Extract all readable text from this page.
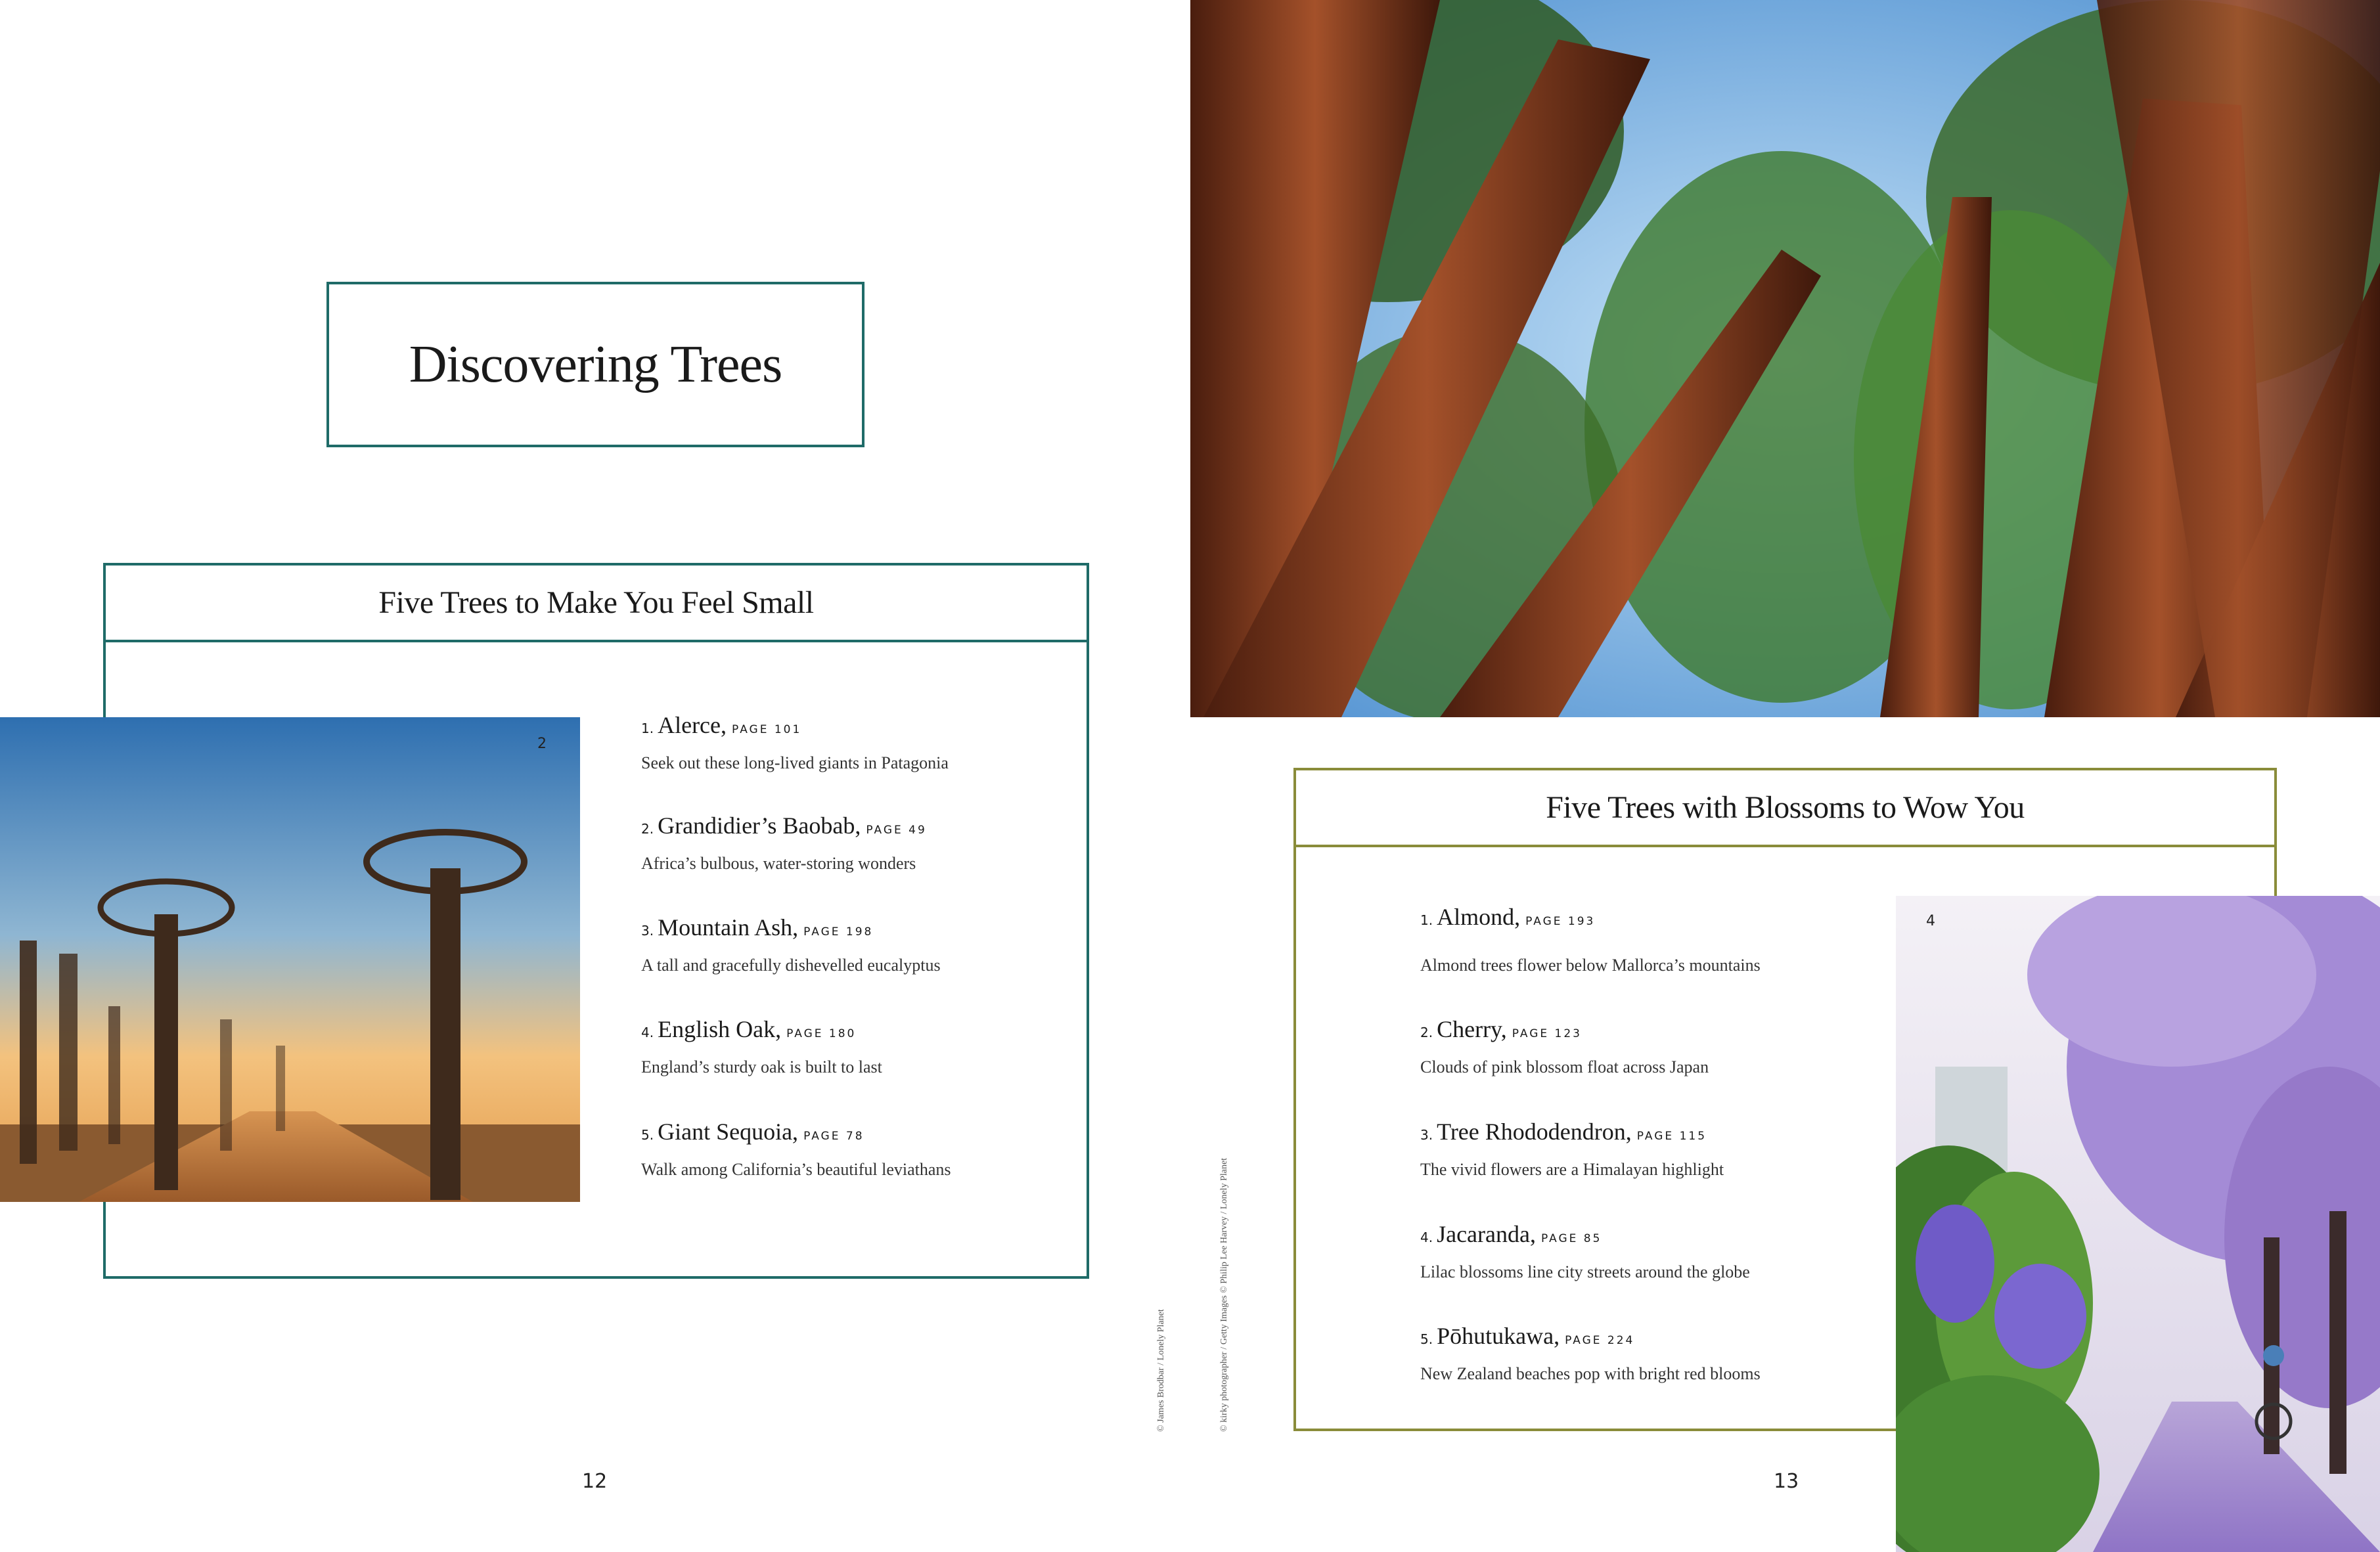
Discovering Trees
Five Trees to Make You Feel Small
2
1. Alerce, PAGE 101
Seek out these long-lived giants in Patagonia
2. Grandidier’s Baobab, PAGE 49
Africa’s bulbous, water-storing wonders
3. Mountain Ash, PAGE 198
A tall and gracefully dishevelled eucalyptus
4. English Oak, PAGE 180
England’s sturdy oak is built to last
5. Giant Sequoia, PAGE 78
Walk among California’s beautiful leviathans
Five Trees with Blossoms to Wow You
1. Almond, PAGE 193
Almond trees flower below Mallorca’s mountains
2. Cherry, PAGE 123
Clouds of pink blossom float across Japan
3. Tree Rhododendron, PAGE 115
The vivid flowers are a Himalayan highlight
4. Jacaranda, PAGE 85
Lilac blossoms line city streets around the globe
5. Pōhutukawa, PAGE 224
New Zealand beaches pop with bright red blooms
4
© James Brodbar / Lonely Planet	© kirky photographer / Getty Images © Philip Lee Harvey / Lonely Planet
12	13
